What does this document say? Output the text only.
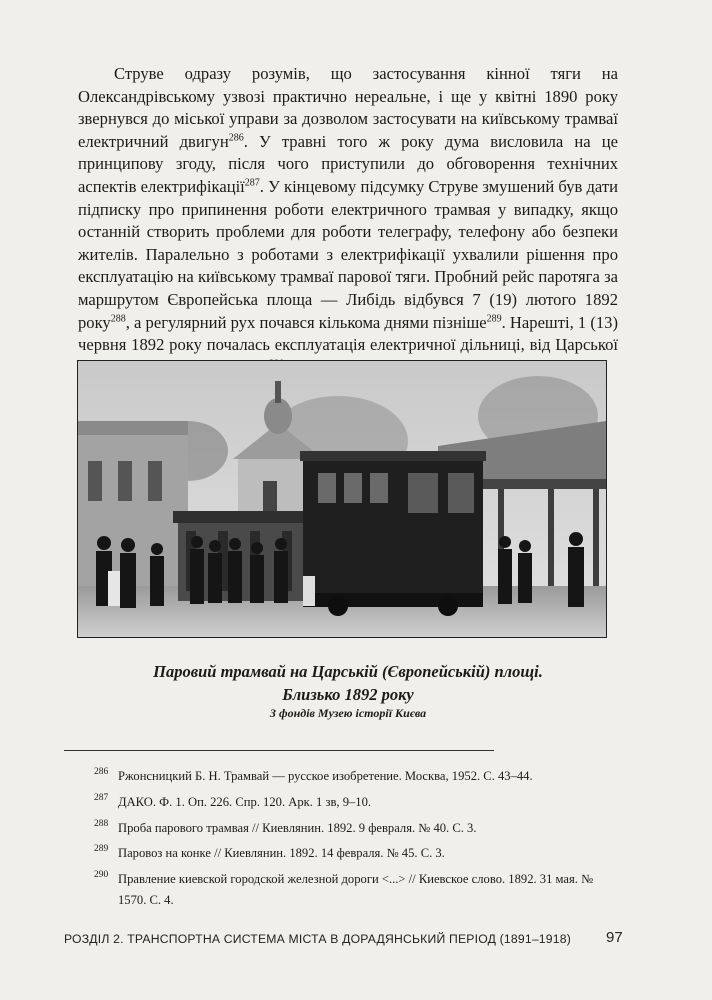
Струве одразу розумів, що застосування кінної тяги на Олександрівському узвозі практично нереальне, і ще у квітні 1890 року звернувся до міської управи за дозволом застосувати на київському трамваї електричний двигун$^{286}$. У травні того ж року дума висловила на це принципову згоду, після чого приступили до обговорення технічних аспектів електрифікації$^{287}$. У кінцевому підсумку Струве змушений був дати підписку про припинення роботи електричного трамвая у випадку, якщо останній створить проблеми для роботи телеграфу, телефону або безпеки жителів. Паралельно з роботами з електрифікації ухвалили рішення про експлуатацію на київському трамваї парової тяги. Пробний рейс паротяга за маршрутом Європейська площа — Либідь відбувся 7 (19) лютого 1892 року$^{288}$, а регулярний рух почався кількома днями пізніше$^{289}$. Нарешті, 1 (13) червня 1892 року почалась експлуатація електричної дільниці, від Царської

Паровий трамвай на Царській (Європейській) площі.
Близько 1892 року
З фондів Музею історії Києва
286 Ржонсницкий Б. Н. Трамвай — русское изобретение. Москва, 1952. С. 43–44.
287 ДАКО. Ф. 1. Оп. 226. Спр. 120. Арк. 1 зв, 9–10.
288 Проба парового трамвая // Киевлянин. 1892. 9 февраля. № 40. С. 3.
289 Паровоз на конке // Киевлянин. 1892. 14 февраля. № 45. С. 3.
290 Правление киевской городской железной дороги <...> // Киевское слово. 1892. 31 мая. № 1570. С. 4.
РОЗДІЛ 2. ТРАНСПОРТНА СИСТЕМА МІСТА В ДОРАДЯНСЬКИЙ ПЕРІОД (1891–1918) 97
